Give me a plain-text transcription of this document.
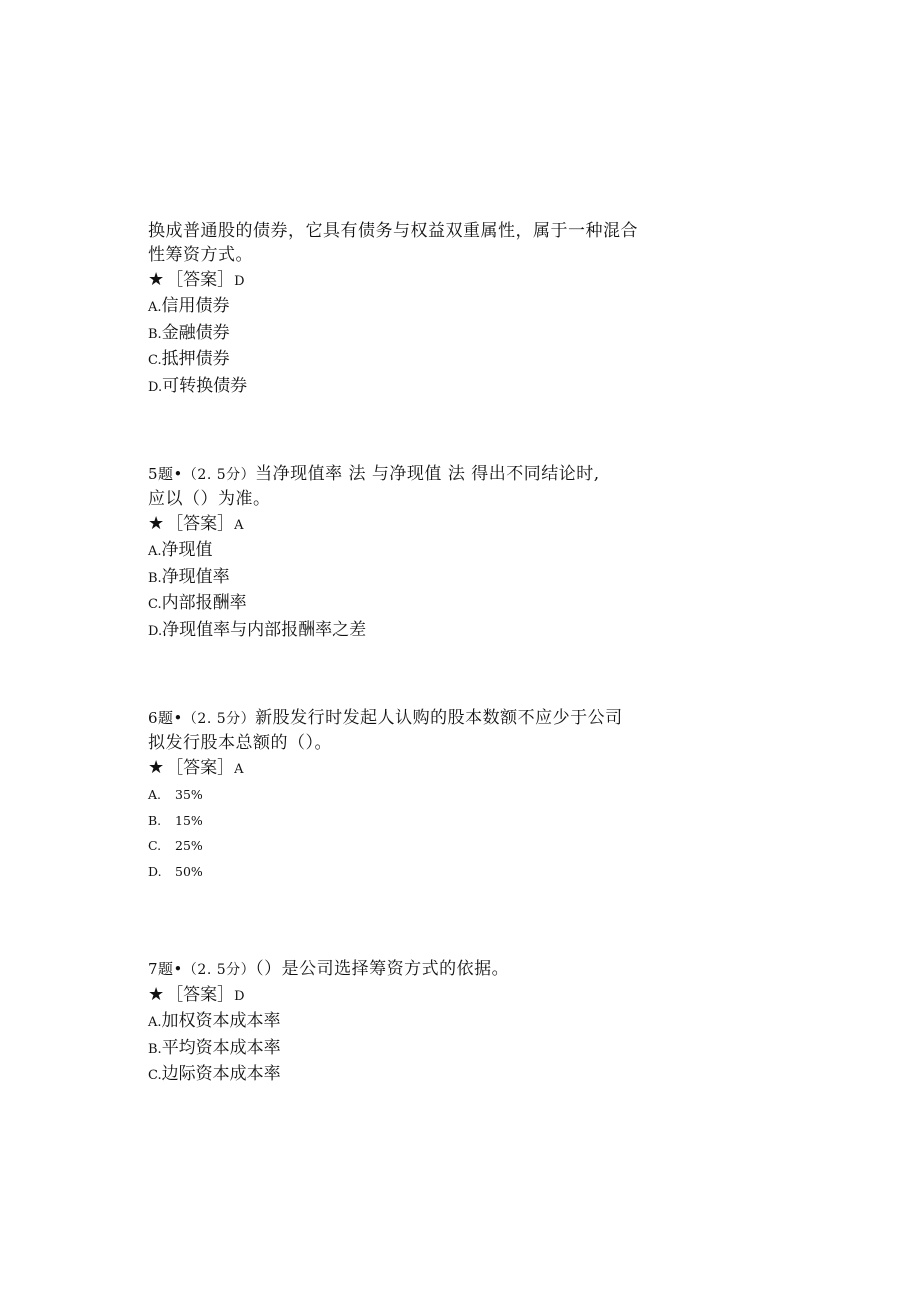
换成普通股的债券，它具有债务与权益双重属性，属于一种混合
性筹资方式。
★ ［答案］D
A.信用债券
B.金融债券
C.抵押债券
D.可转换债券
5题•（2. 5分）当净现值率 法 与净现值 法 得出不同结论时,
应以（）为准。
★ ［答案］A
A.净现值
B.净现值率
C.内部报酬率
D.净现值率与内部报酬率之差
6题•（2. 5分）新股发行时发起人认购的股本数额不应少于公司
拟发行股本总额的（）。
★ ［答案］A
A. 35%
B. 15%
C. 25%
D. 50%
7题•（2. 5分）（）是公司选择筹资方式的依据。
★ ［答案］D
A.加权资本成本率
B.平均资本成本率
C.边际资本成本率
